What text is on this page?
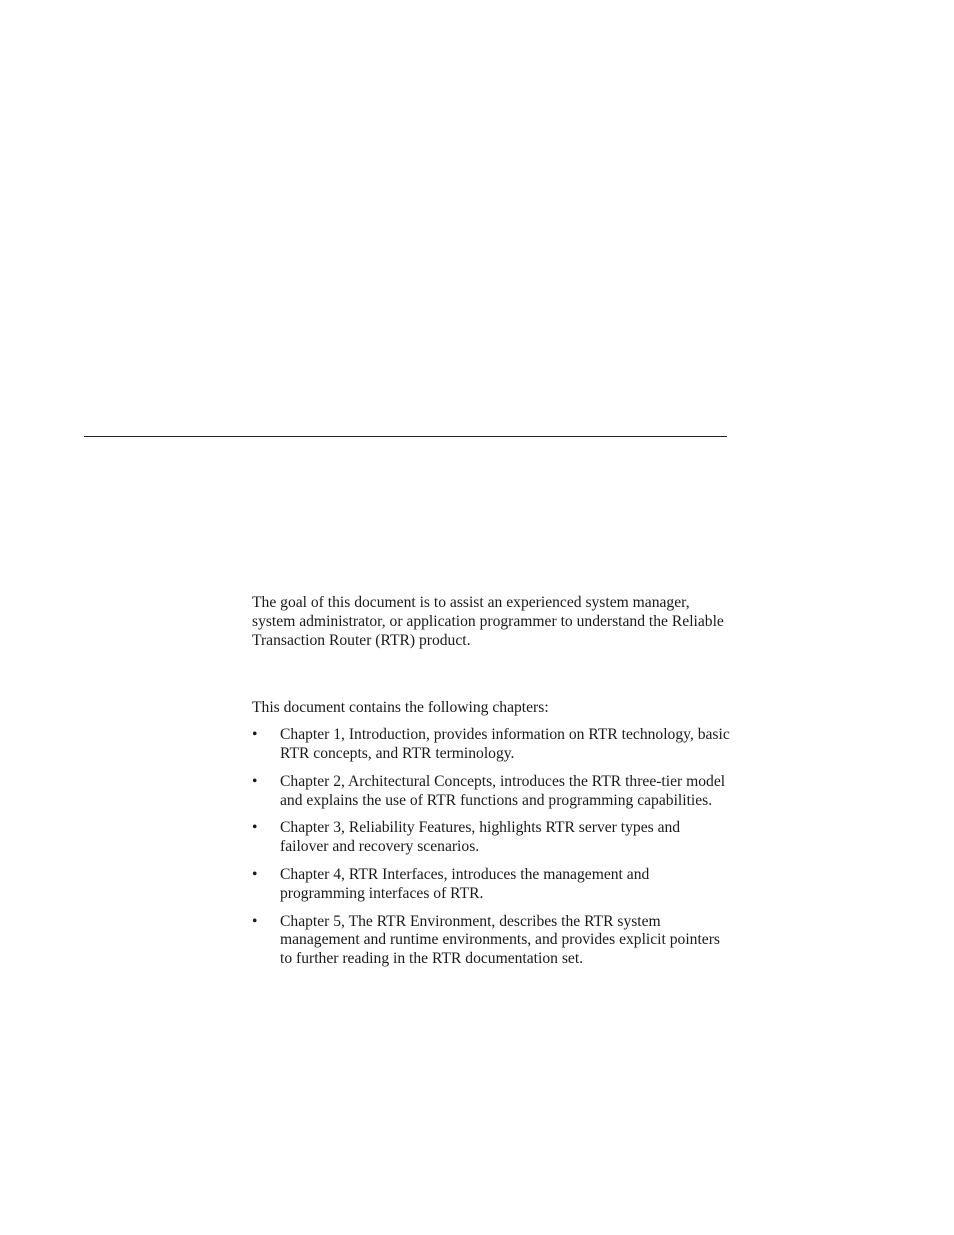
The goal of this document is to assist an experienced system manager, system administrator, or application programmer to understand the Reliable Transaction Router (RTR) product.

This document contains the following chapters:

•	Chapter 1, Introduction, provides information on RTR technology, basic RTR concepts, and RTR terminology.
•	Chapter 2, Architectural Concepts, introduces the RTR three-tier model and explains the use of RTR functions and programming capabilities.
•	Chapter 3, Reliability Features, highlights RTR server types and failover and recovery scenarios.
•	Chapter 4, RTR Interfaces, introduces the management and programming interfaces of RTR.
•	Chapter 5, The RTR Environment, describes the RTR system management and runtime environments, and provides explicit pointers to further reading in the RTR documentation set.
